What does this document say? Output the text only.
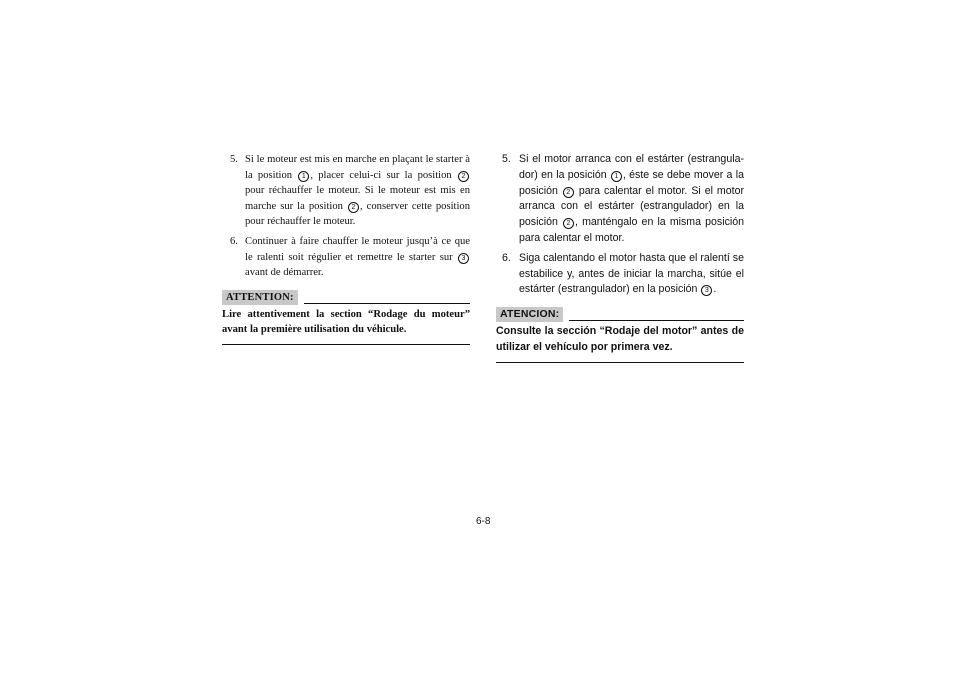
5. Si le moteur est mis en marche en plaçant le starter à la position 1 , placer celui-ci sur la position 2 pour réchauffer le moteur. Si le moteur est mis en marche sur la position 2 , conserver cette position pour réchauffer le moteur.
6. Continuer à faire chauffer le moteur jusqu’à ce que le ralenti soit régulier et remettre le starter sur 3 avant de démarrer.
ATTENTION:
Lire attentivement la section “Rodage du moteur” avant la première utilisation du véhicule.
5. Si el motor arranca con el estárter (estrangula-dor) en la posición 1 , éste se debe mover a la posición 2 para calentar el motor. Si el motor arranca con el estárter (estrangulador) en la posición 2 , manténgalo en la misma posición para calentar el motor.
6. Siga calentando el motor hasta que el ralentí se estabilice y, antes de iniciar la marcha, sitúe el estárter (estrangulador) en la posición 3 .
ATENCION:
Consulte la sección “Rodaje del motor” antes de utilizar el vehículo por primera vez.
6-8
